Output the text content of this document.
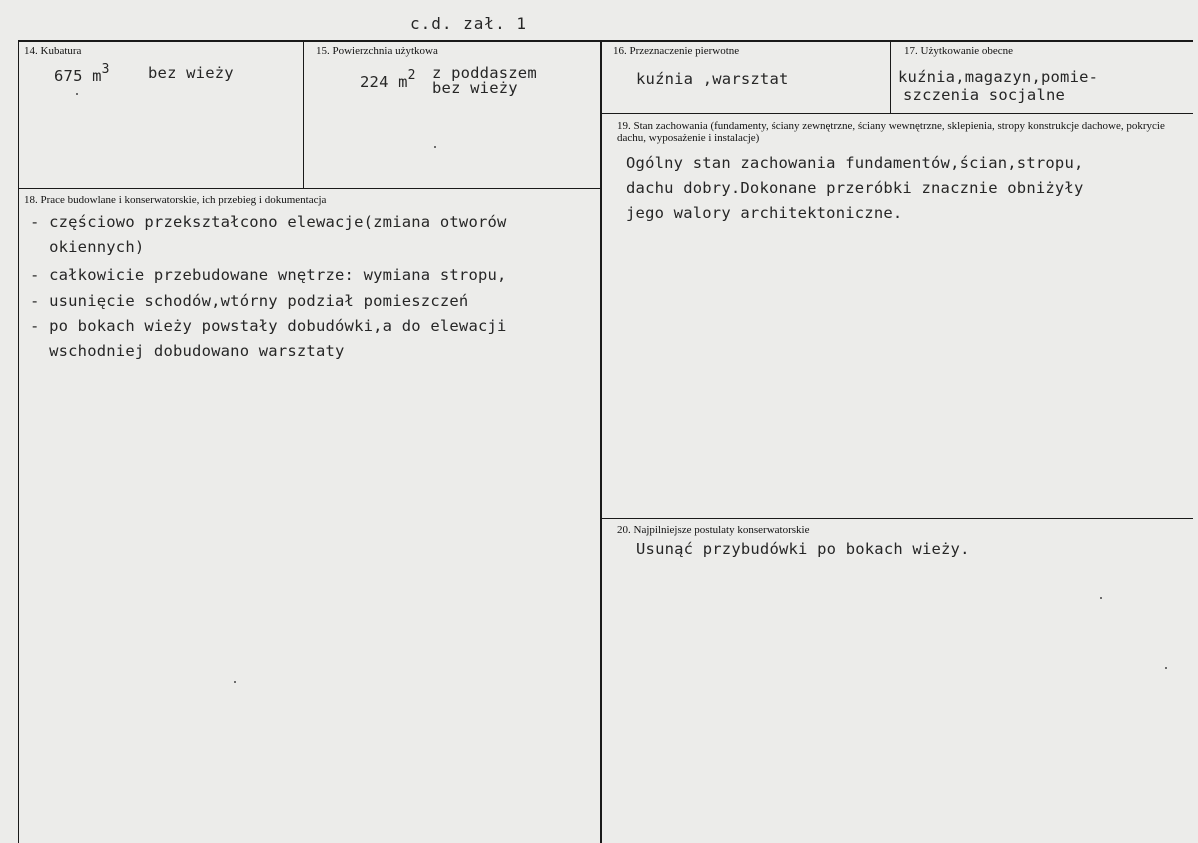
c.d. zał. 1
14. Kubatura
675 $m^3$ bez wieży
15. Powierzchnia użytkowa
224 $m^2$ z poddaszem
bez wieży
16. Przeznaczenie pierwotne
kuźnia ,warsztat
17. Użytkowanie obecne
kuźnia,magazyn,pomie-
szczenia socjalne
19. Stan zachowania (fundamenty, ściany zewnętrzne, ściany wewnętrzne, sklepienia, stropy konstrukcje dachowe, pokrycie dachu, wyposażenie i instalacje)
Ogólny stan zachowania fundamentów,ścian,stropu,
dachu dobry.Dokonane przeróbki znacznie obniżyły
jego walory architektoniczne.
18. Prace budowlane i konserwatorskie, ich przebieg i dokumentacja
- częściowo przekształcono elewacje(zmiana otworów
okiennych)
- całkowicie przebudowane wnętrze: wymiana stropu,
- usunięcie schodów,wtórny podział pomieszczeń
- po bokach wieży powstały dobudówki,a do elewacji
wschodniej dobudowano warsztaty
20. Najpilniejsze postulaty konserwatorskie
Usunąć przybudówki po bokach wieży.
